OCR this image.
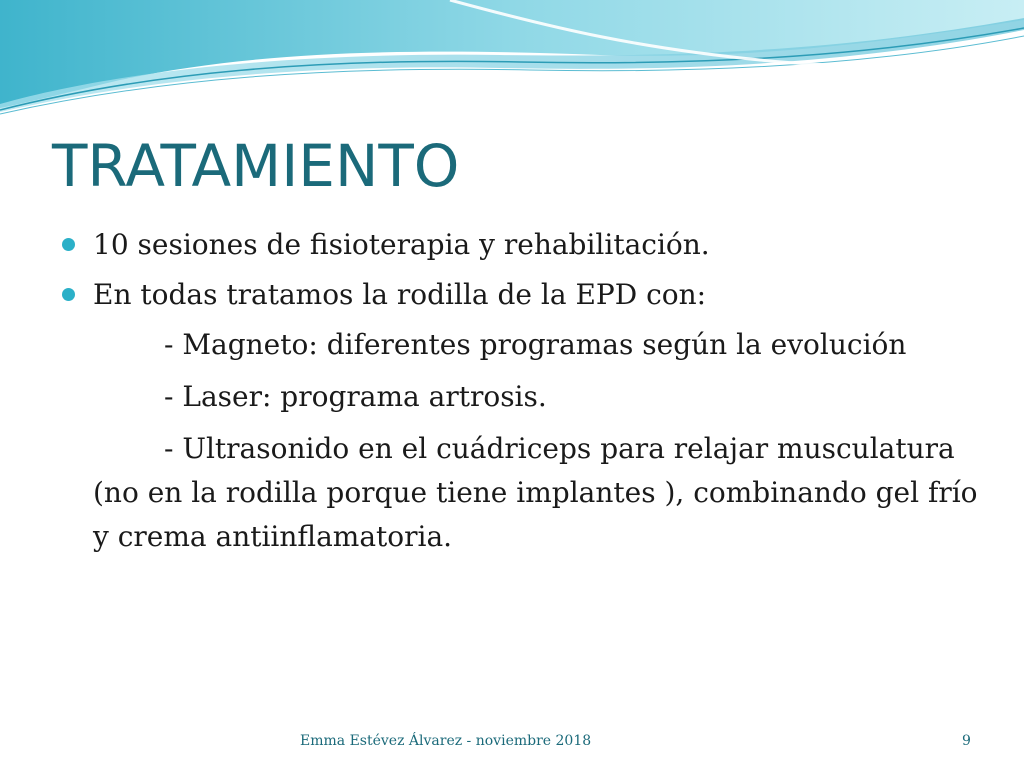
TRATAMIENTO
10 sesiones de fisioterapia y rehabilitación.
En todas tratamos la rodilla de la EPD con:
- Magneto: diferentes programas según la evolución
- Laser: programa artrosis.
- Ultrasonido en el cuádriceps para relajar musculatura (no en la rodilla porque tiene implantes ), combinando gel frío y crema antiinflamatoria.
Emma Estévez Álvarez - noviembre 2018	9
